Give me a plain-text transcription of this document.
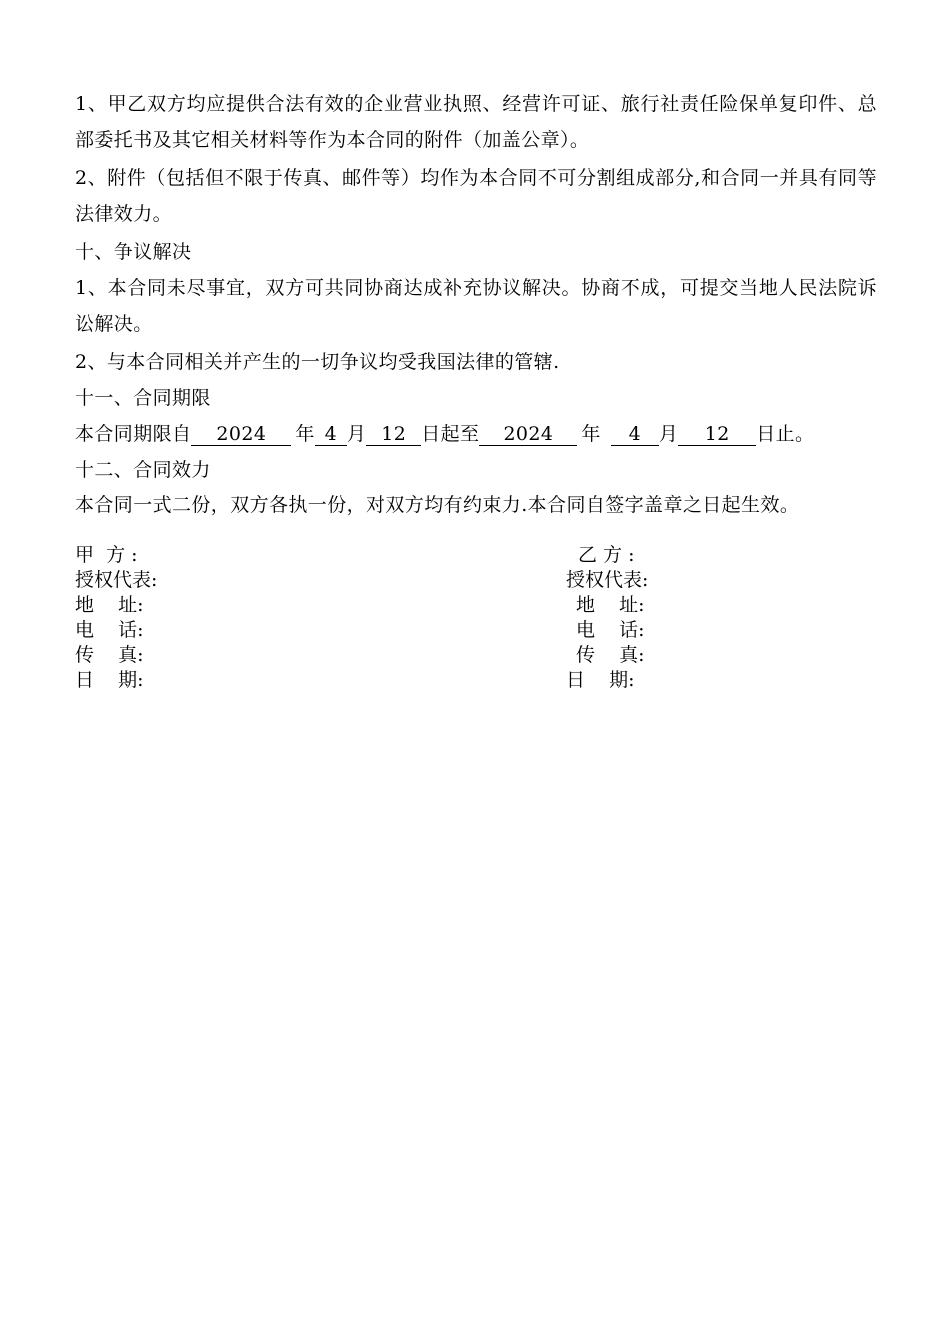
1、甲乙双方均应提供合法有效的企业营业执照、经营许可证、旅行社责任险保单复印件、总部委托书及其它相关材料等作为本合同的附件（加盖公章）。

2、附件（包括但不限于传真、邮件等）均作为本合同不可分割组成部分,和合同一并具有同等法律效力。

十、争议解决

1、本合同未尽事宜，双方可共同协商达成补充协议解决。协商不成，可提交当地人民法院诉讼解决。

2、与本合同相关并产生的一切争议均受我国法律的管辖.
十一、合同期限
本合同期限自 2024 年 4 月 12 日起至 2024 年 4 月 12 日止。
十二、合同效力

本合同一式二份，双方各执一份，对双方均有约束力.本合同自签字盖章之日起生效。

甲  方 :
授权代表:
地    址:
电    话:
传    真:
日    期:
乙 方 :
授权代表:
地    址:
电    话:
传    真:
日    期:
